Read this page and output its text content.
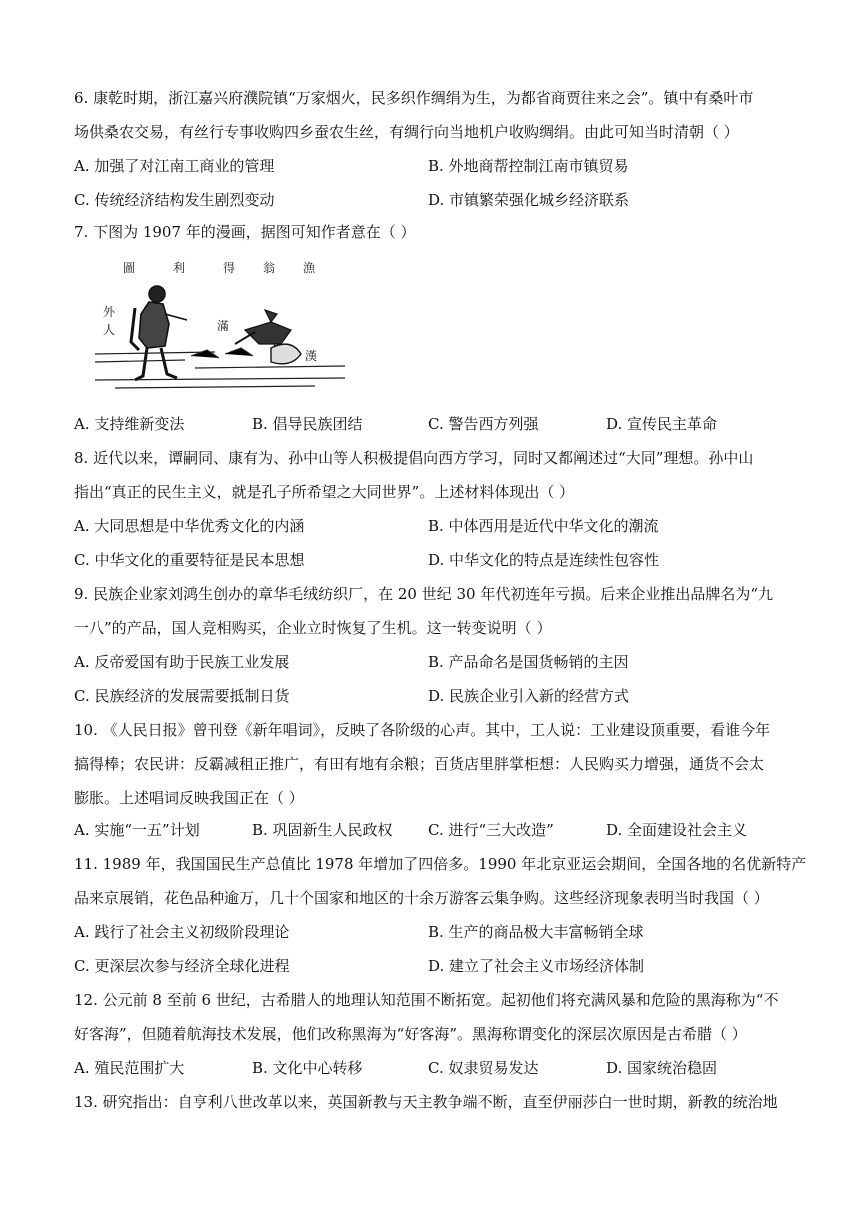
6. 康乾时期，浙江嘉兴府濮院镇“万家烟火，民多织作绸绢为生，为都省商贾往来之会”。镇中有桑叶市
场供桑农交易，有丝行专事收购四乡蚕农生丝，有绸行向当地机户收购绸绢。由此可知当时清朝（ ）
A. 加强了对江南工商业的管理	B. 外地商帮控制江南市镇贸易
C. 传统经济结构发生剧烈变动	D. 市镇繁荣强化城乡经济联系
7. 下图为 1907 年的漫画，据图可知作者意在（ ）
圖	利	得 翁 漁
外
人	滿
漢
A. 支持维新变法	B. 倡导民族团结	C. 警告西方列强	D. 宣传民主革命
8. 近代以来，谭嗣同、康有为、孙中山等人积极提倡向西方学习，同时又都阐述过“大同”理想。孙中山
指出“真正的民生主义，就是孔子所希望之大同世界”。上述材料体现出（ ）
A. 大同思想是中华优秀文化的内涵	B. 中体西用是近代中华文化的潮流
C. 中华文化的重要特征是民本思想	D. 中华文化的特点是连续性包容性
9. 民族企业家刘鸿生创办的章华毛绒纺织厂，在 20 世纪 30 年代初连年亏损。后来企业推出品牌名为“九
一八”的产品，国人竞相购买，企业立时恢复了生机。这一转变说明（ ）
A. 反帝爱国有助于民族工业发展	B. 产品命名是国货畅销的主因
C. 民族经济的发展需要抵制日货	D. 民族企业引入新的经营方式
10. 《人民日报》曾刊登《新年唱词》，反映了各阶级的心声。其中，工人说：工业建设顶重要，看谁今年
搞得棒；农民讲：反霸减租正推广，有田有地有余粮；百货店里胖掌柜想：人民购买力增强，通货不会太
膨胀。上述唱词反映我国正在（ ）
A. 实施“一五”计划	B. 巩固新生人民政权 C. 进行“三大改造”	D. 全面建设社会主义
11. 1989 年，我国国民生产总值比 1978 年增加了四倍多。1990 年北京亚运会期间，全国各地的名优新特产
品来京展销，花色品种逾万，几十个国家和地区的十余万游客云集争购。这些经济现象表明当时我国（ ）
A. 践行了社会主义初级阶段理论	B. 生产的商品极大丰富畅销全球
C. 更深层次参与经济全球化进程	D. 建立了社会主义市场经济体制
12. 公元前 8 至前 6 世纪，古希腊人的地理认知范围不断拓宽。起初他们将充满风暴和危险的黑海称为“不
好客海”，但随着航海技术发展，他们改称黑海为“好客海”。黑海称谓变化的深层次原因是古希腊（ ）
A. 殖民范围扩大	B. 文化中心转移	C. 奴隶贸易发达	D. 国家统治稳固
13. 研究指出：自亨利八世改革以来，英国新教与天主教争端不断，直至伊丽莎白一世时期，新教的统治地
